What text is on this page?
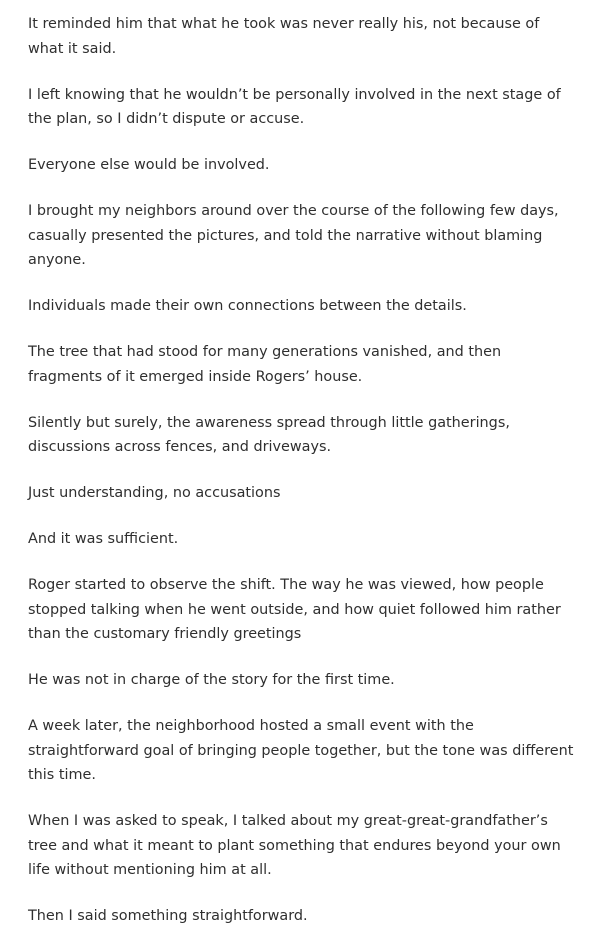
It reminded him that what he took was never really his, not because of what it said.

I left knowing that he wouldn’t be personally involved in the next stage of the plan, so I didn’t dispute or accuse.

Everyone else would be involved.

I brought my neighbors around over the course of the following few days, casually presented the pictures, and told the narrative without blaming anyone.

Individuals made their own connections between the details.

The tree that had stood for many generations vanished, and then fragments of it emerged inside Rogers’ house.

Silently but surely, the awareness spread through little gatherings, discussions across fences, and driveways.

Just understanding, no accusations

And it was sufficient.

Roger started to observe the shift. The way he was viewed, how people stopped talking when he went outside, and how quiet followed him rather than the customary friendly greetings

He was not in charge of the story for the first time.

A week later, the neighborhood hosted a small event with the straightforward goal of bringing people together, but the tone was different this time.

When I was asked to speak, I talked about my great-great-grandfather’s tree and what it meant to plant something that endures beyond your own life without mentioning him at all.

Then I said something straightforward.
